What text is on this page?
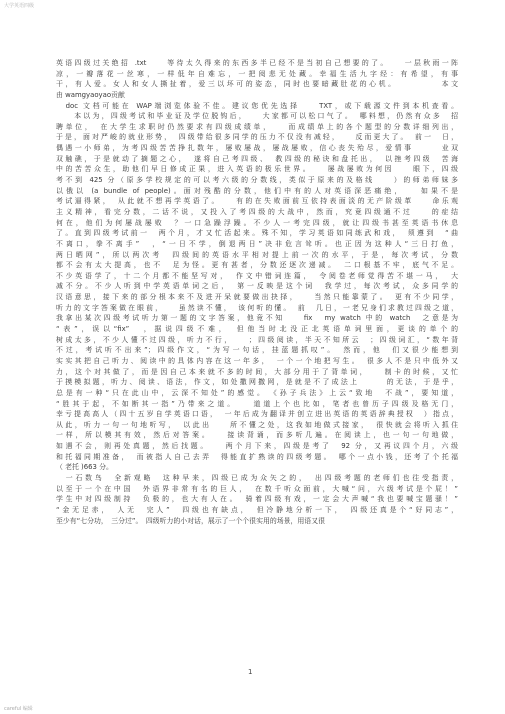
大学英语四级
英语四级过关绝招 .txt　　等待太久得来的东西多半已经不是当初自己想要的了。　　一层秋雨一阵
凉，一瓣落花一丝寒，一样低年自难忘，一把阅悲无处藏。幸福生活九字经：有希望，有事
干，有人爱。女人和女人撕扯着，爱三以坏可的姿态，同时也要暗藏肚花的心机。　　　　　本文
由 wamgyaoyao贡献
　doc 文档可能在 WAP端浏览体验不佳。建议您优先选择　　TXT，或下载源文件到本机查看。
　　本以为，四级考试和毕业证及学位脱钩后，　　大家都可以松口气了。　哪料想，仍然有众多　招
聘单位，　在大学生求职时仍然要求有四级成绩单，　　而成绩单上的各个题型的分数详细列出，
于是，面对严峻的就业形势，　四级带给很多同学的压力不仅没有减轻，　　反而更大了。　前一　日，
偶遇一小师弟，为考四级苦苦挣扎数年，屡败屡战，屡战屡败，信心丧失殆尽，爱情事　　　业双
双触礁，于是就动了摘题之心，　遂将自己考四级、　教四级的秘诀和盘托出，　以挫考四级　苦海
中的苦苦众生，助他们早日修成正果，进入英语的极乐世界。　　屡战屡败为何因　　眼下，四级
考不到 425 分（原多学校规定的可以考六级的分数线，类似于原来的及格线　　）的师弟师妹多
以俄以 (a bundle of people)。面对残酷的分数，他们中有的人对英语深恶痛绝，　　如果不是
考试逼得紧，　从此就不想再学英语了。　　有的在失败面前互依持表面淡的无产阶级革　　命乐观
主义精神，看完分数，二话不说，又投入了考四级的大战中，然而，究竟四级通不过　　的症结
何在，他们为何屡战屡败　？一口急躁浮躁。不少人一考完四级，就让四级书甚至英语书休息
了。直到四级考试前一　两个月，才又忙活起来。殊不知，学习英语如同练武和戏，　须遵到　“曲
不离口，拳不离手”　，“一日不学，倒退两日”决非危言耸听。也正因为这种人“三日打鱼，
两日晒网”，所以两次考　四级间的英语水平相对提上前一次的水平，于是，每次考试，分数
都不会有太大提高，也不　足为怪。更有甚者，分数还逐次递减。　二口根基不牢，底气不足。
不少英语学了，十二个月都不能坚写对，　作文中错词连篇，　令阅卷老师觉得苦不堪一马，　大
减不分。不少人听到中学英语单词之后，　第一反映是这个词　我学过，每次考试，众多同学的
汉语意思，接下来的部分根本来不及进开呆就要做出抉择，　　当然只能靠蒙了。　更有不少同学，
听力的文字答案做在眼前，　　虽然读不懂，　该何听的懂。　前　几日，一老兄身们求教过四级之道，
我拿出某次四级考试听力第一题的文字答案，他竟不知　　fix　my watch 中的 watch　之意是为
“表”，误以“fix”　，据说四级不难，　但他当时北没正北英语单词里面，更谈的单个的
树成太多，不少人懂不过四级，听力不行，　　；四级阅读，半天不知所云　；四级词汇，“数年背
不过，考试听不出来”；四级作文，“为写一句话，挂蓝题抓叹”。　然而，他　们又很少能想到
实实其把自己听力、阅读中的具体内容在这一年多，　一个一个地把写生。　很多人不是只中低外又
力，这个对其做了，而是因自己本来就不多的时间，大部分用于了背单词，　　制卡的时候，又忙
于摸模拟题，听力、阅读、语法，作文，如处撒网撒网，是就是不了成法上　　　的无法，于是乎，
总是有一种“只在此山中，云深不知处”的感觉。　《孙子兵法》上云“致地　不战”，要知道，
“胜其于起，不如断其一指”乃带来之道。　　道道上个也比如，笔者也曾历子四级及格无门，
幸亏提高高人（四十五岁自学英语口语，　一年后成为翻译并创立进出英语的英语辞典授权　）指点，
从此，听力一句一句地听写，　以此出　　所不懂之处，这我如地做式接家，　很快就会将听入抓住
一样，所以模其有效，然后对答案。　　接读背诵，而多听几遍。在阅读上，也一句一句地做，
如遇不会，则再处真题，然后找题。　　两个月下来，四级是考了　92 分，又再议四个月，六级
和托福同期准备，　而被指人自己去弄　得能直扩熟读的四级考题。　哪个一点小钱，还考了个托福
（ 老托 )663 分。
　一石数鸟　全新观略　这种早来，四级已成为众矢之的，　出四级考题的老师们也往受指责，
以至于一个在中国　外语界非常有名的巨人，　在数千听众面前，大喊“问，六级考试是个屁！”
学生中对四级制持　负极的，也大有人在。　骑着四级有戏，一定会大声喊“我也要喊宝题骚！”
“金无足赤，　人无　完人”　四级也有缺点，　但冷静地分析一下，　四级还真是个“好同志”，
至少有“七分功，　三分过”。　四级听力的小对话，展示了一个个很实用的场景，用语又很
1
careful 编辑
